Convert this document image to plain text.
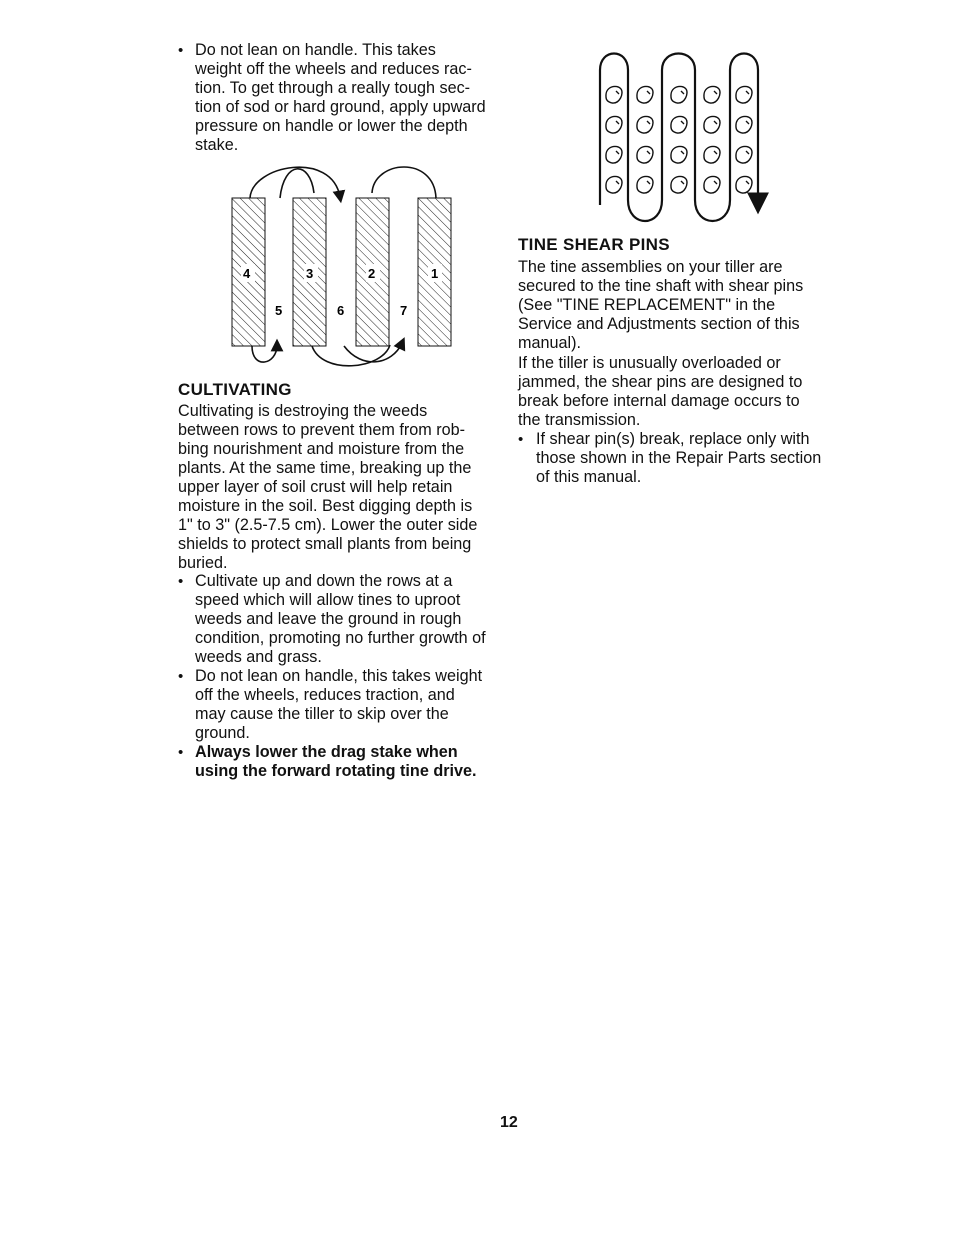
• Do not lean on handle. This takes
weight off the wheels and reduces rac-
tion. To get through a really tough sec-
tion of sod or hard ground, apply upward
pressure on handle or lower the depth
stake.
4	3	2	1
5	6	7
CULTIVATING
Cultivating is destroying the weeds
between rows to prevent them from rob-
bing nourishment and moisture from the
plants. At the same time, breaking up the
upper layer of soil crust will help retain
moisture in the soil. Best digging depth is
1" to 3" (2.5-7.5 cm). Lower the outer side
shields to protect small plants from being
buried.
• Cultivate up and down the rows at a
speed which will allow tines to uproot
weeds and leave the ground in rough
condition, promoting no further growth of
weeds and grass.
• Do not lean on handle, this takes weight
off the wheels, reduces traction, and
may cause the tiller to skip over the
ground.
• Always lower the drag stake when
using the forward rotating tine drive.
TINE SHEAR PINS
The tine assemblies on your tiller are
secured to the tine shaft with shear pins
(See "TINE REPLACEMENT" in the
Service and Adjustments section of this
manual).
If the tiller is unusually overloaded or
jammed, the shear pins are designed to
break before internal damage occurs to
the transmission.
• If shear pin(s) break, replace only with
those shown in the Repair Parts section
of this manual.

12
